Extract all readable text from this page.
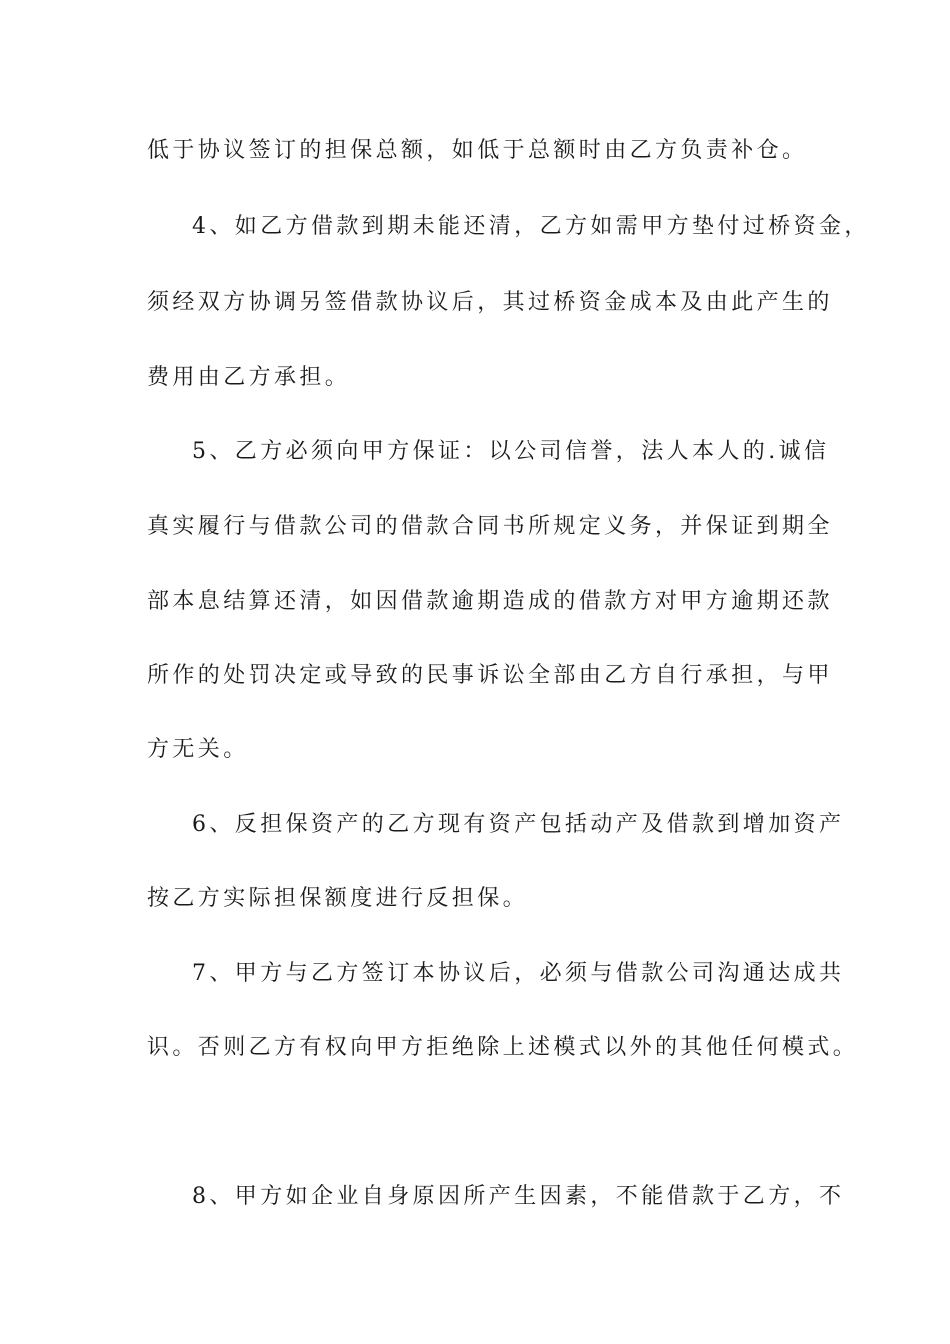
低于协议签订的担保总额，如低于总额时由乙方负责补仓。
4、如乙方借款到期未能还清，乙方如需甲方垫付过桥资金，
须经双方协调另签借款协议后，其过桥资金成本及由此产生的
费用由乙方承担。
5、乙方必须向甲方保证：以公司信誉，法人本人的.诚信
真实履行与借款公司的借款合同书所规定义务，并保证到期全
部本息结算还清，如因借款逾期造成的借款方对甲方逾期还款
所作的处罚决定或导致的民事诉讼全部由乙方自行承担，与甲
方无关。
6、反担保资产的乙方现有资产包括动产及借款到增加资产
按乙方实际担保额度进行反担保。
7、甲方与乙方签订本协议后，必须与借款公司沟通达成共
识。否则乙方有权向甲方拒绝除上述模式以外的其他任何模式。
8、甲方如企业自身原因所产生因素，不能借款于乙方，不
